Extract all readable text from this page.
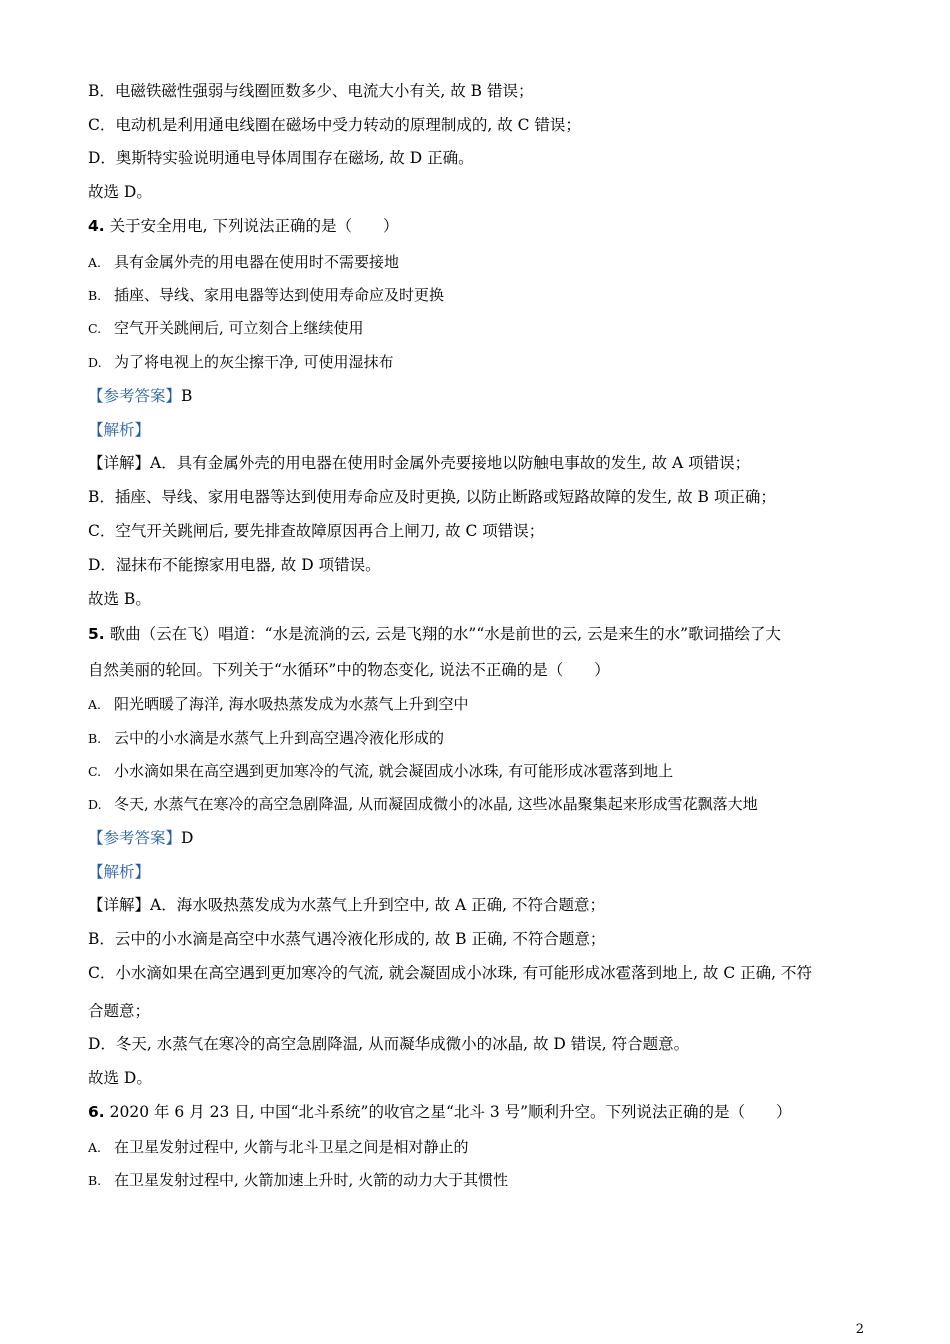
B．电磁铁磁性强弱与线圈匝数多少、电流大小有关, 故 B 错误；
C．电动机是利用通电线圈在磁场中受力转动的原理制成的, 故 C 错误；
D．奥斯特实验说明通电导体周围存在磁场, 故 D 正确。
故选 D。
4. 关于安全用电, 下列说法正确的是（　　）
A. 具有金属外壳的用电器在使用时不需要接地
B. 插座、导线、家用电器等达到使用寿命应及时更换
C. 空气开关跳闸后, 可立刻合上继续使用
D. 为了将电视上的灰尘擦干净, 可使用湿抹布
【参考答案】B
【解析】
【详解】A．具有金属外壳的用电器在使用时金属外壳要接地以防触电事故的发生, 故 A 项错误；
B．插座、导线、家用电器等达到使用寿命应及时更换, 以防止断路或短路故障的发生, 故 B 项正确；
C．空气开关跳闸后, 要先排查故障原因再合上闸刀, 故 C 项错误；
D．湿抹布不能擦家用电器, 故 D 项错误。
故选 B。
5. 歌曲（云在飞）唱道：“水是流淌的云, 云是飞翔的水”“水是前世的云, 云是来生的水”歌词描绘了大
自然美丽的轮回。下列关于“水循环”中的物态变化, 说法不正确的是（　　）
A. 阳光晒暖了海洋, 海水吸热蒸发成为水蒸气上升到空中
B. 云中的小水滴是水蒸气上升到高空遇冷液化形成的
C. 小水滴如果在高空遇到更加寒冷的气流, 就会凝固成小冰珠, 有可能形成冰雹落到地上
D. 冬天, 水蒸气在寒冷的高空急剧降温, 从而凝固成微小的冰晶, 这些冰晶聚集起来形成雪花飘落大地
【参考答案】D
【解析】
【详解】A．海水吸热蒸发成为水蒸气上升到空中, 故 A 正确, 不符合题意；
B．云中的小水滴是高空中水蒸气遇冷液化形成的, 故 B 正确, 不符合题意；
C．小水滴如果在高空遇到更加寒冷的气流, 就会凝固成小冰珠, 有可能形成冰雹落到地上, 故 C 正确, 不符
合题意；
D．冬天, 水蒸气在寒冷的高空急剧降温, 从而凝华成微小的冰晶, 故 D 错误, 符合题意。
故选 D。
6. 2020 年 6 月 23 日, 中国“北斗系统”的收官之星“北斗 3 号”顺利升空。下列说法正确的是（　　）
A. 在卫星发射过程中, 火箭与北斗卫星之间是相对静止的
B. 在卫星发射过程中, 火箭加速上升时, 火箭的动力大于其惯性
2
